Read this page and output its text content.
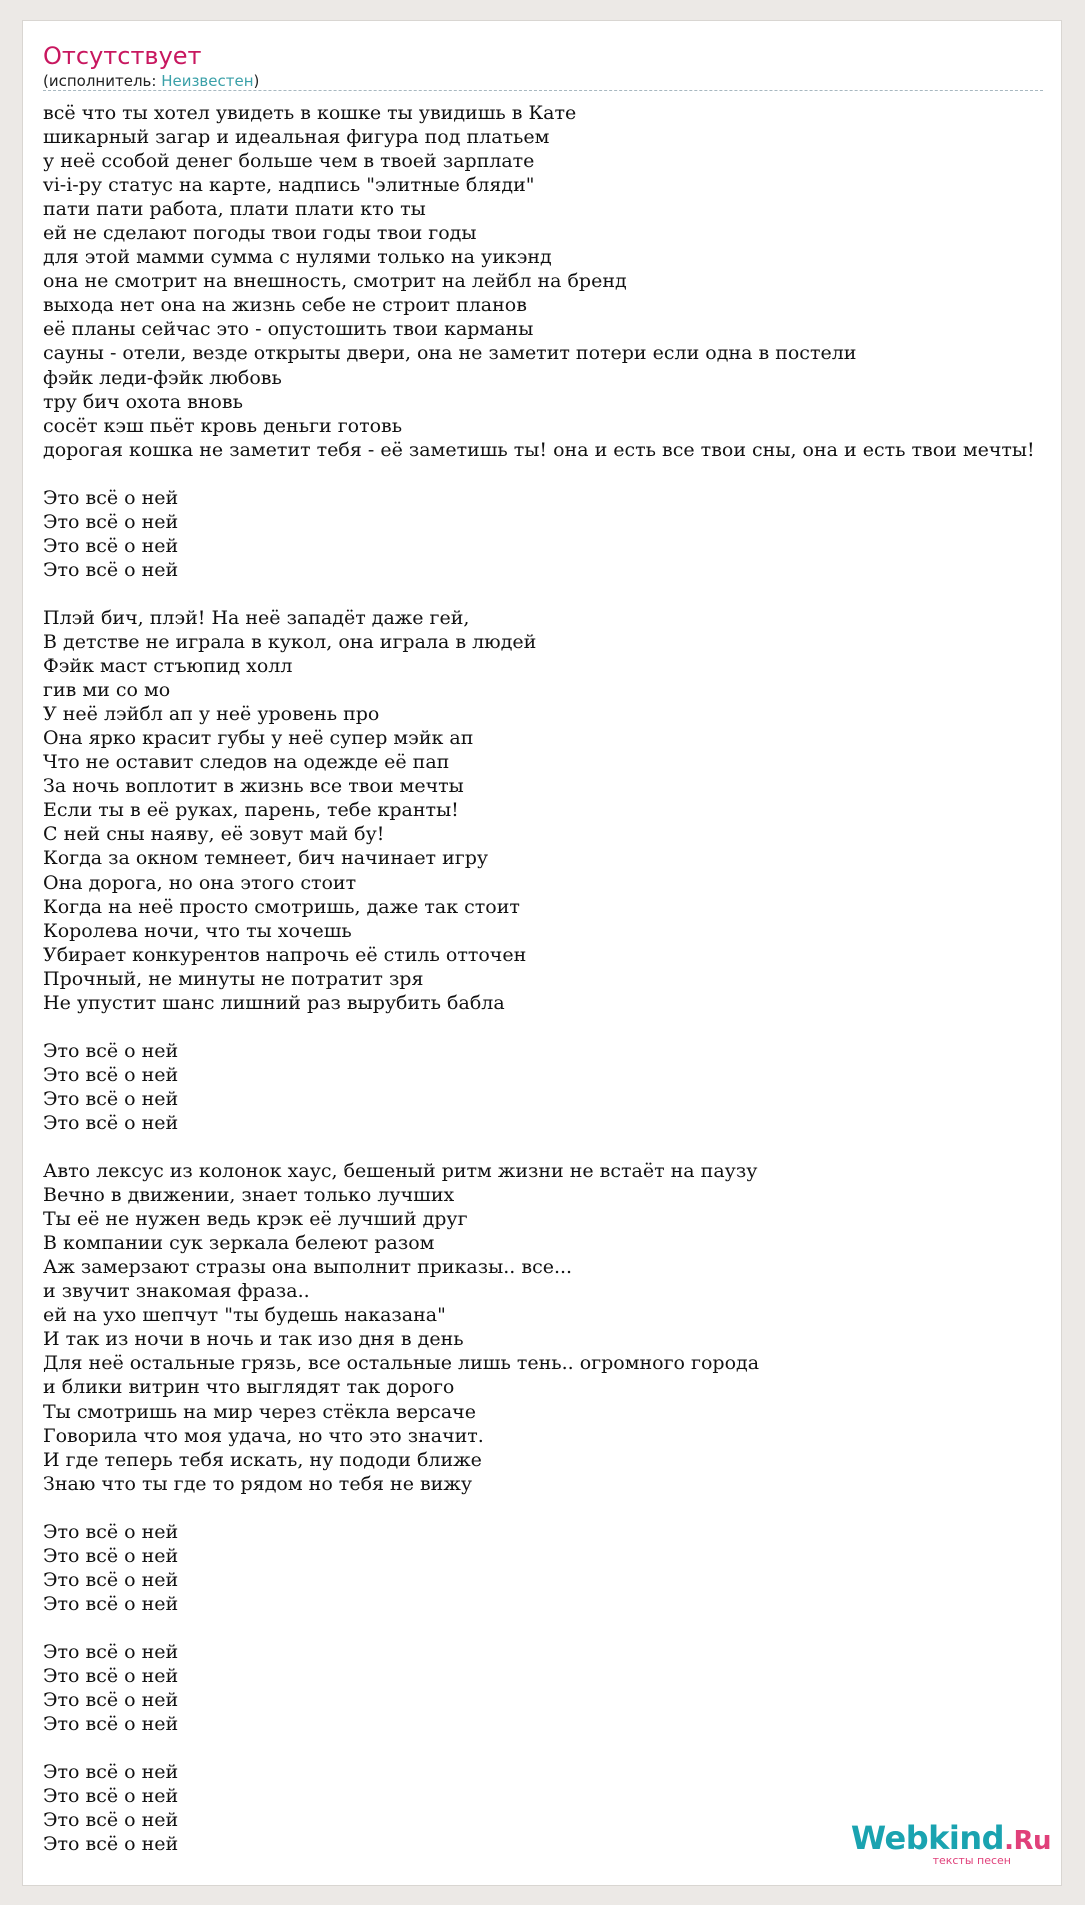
Отсутствует
(исполнитель: Неизвестен)
всё что ты хотел увидеть в кошке ты увидишь в Кате
шикарный загар и идеальная фигура под платьем
у неё ссобой денег больше чем в твоей зарплате
vi-i-ру статус на карте, надпись "элитные бляди"
пати пати работа, плати плати кто ты
ей не сделают погоды твои годы твои годы
для этой мамми сумма с нулями только на уикэнд
она не смотрит на внешность, смотрит на лейбл на бренд
выхода нет она на жизнь себе не строит планов
её планы сейчас это - опустошить твои карманы
сауны - отели, везде открыты двери, она не заметит потери если одна в постели
фэйк леди-фэйк любовь
тру бич охота вновь
сосёт кэш пьёт кровь деньги готовь
дорогая кошка не заметит тебя - её заметишь ты! она и есть все твои сны, она и есть твои мечты!
Это всё о ней
Это всё о ней
Это всё о ней
Это всё о ней
Плэй бич, плэй! На неё западёт даже гей,
В детстве не играла в кукол, она играла в людей
Фэйк маст стъюпид холл
гив ми со мо
У неё лэйбл ап у неё уровень про
Она ярко красит губы у неё супер мэйк ап
Что не оставит следов на одежде её пап
За ночь воплотит в жизнь все твои мечты
Если ты в её руках, парень, тебе кранты!
С ней сны наяву, её зовут май бу!
Когда за окном темнеет, бич начинает игру
Она дорога, но она этого стоит
Когда на неё просто смотришь, даже так стоит
Королева ночи, что ты хочешь
Убирает конкурентов напрочь её стиль отточен
Прочный, не минуты не потратит зря
Не упустит шанс лишний раз вырубить бабла
Это всё о ней
Это всё о ней
Это всё о ней
Это всё о ней
Авто лексус из колонок хаус, бешеный ритм жизни не встаёт на паузу
Вечно в движении, знает только лучших
Ты её не нужен ведь крэк её лучший друг
В компании сук зеркала белеют разом
Аж замерзают стразы она выполнит приказы.. все...
и звучит знакомая фраза..
ей на ухо шепчут "ты будешь наказана"
И так из ночи в ночь и так изо дня в день
Для неё остальные грязь, все остальные лишь тень.. огромного города
и блики витрин что выглядят так дорого
Ты смотришь на мир через стёкла версаче
Говорила что моя удача, но что это значит.
И где теперь тебя искать, ну пододи ближе
Знаю что ты где то рядом но тебя не вижу
Это всё о ней
Это всё о ней
Это всё о ней
Это всё о ней
Это всё о ней
Это всё о ней
Это всё о ней
Это всё о ней
Это всё о ней
Это всё о ней
Это всё о ней
Это всё о ней	Webkind.Ru
тексты песен
